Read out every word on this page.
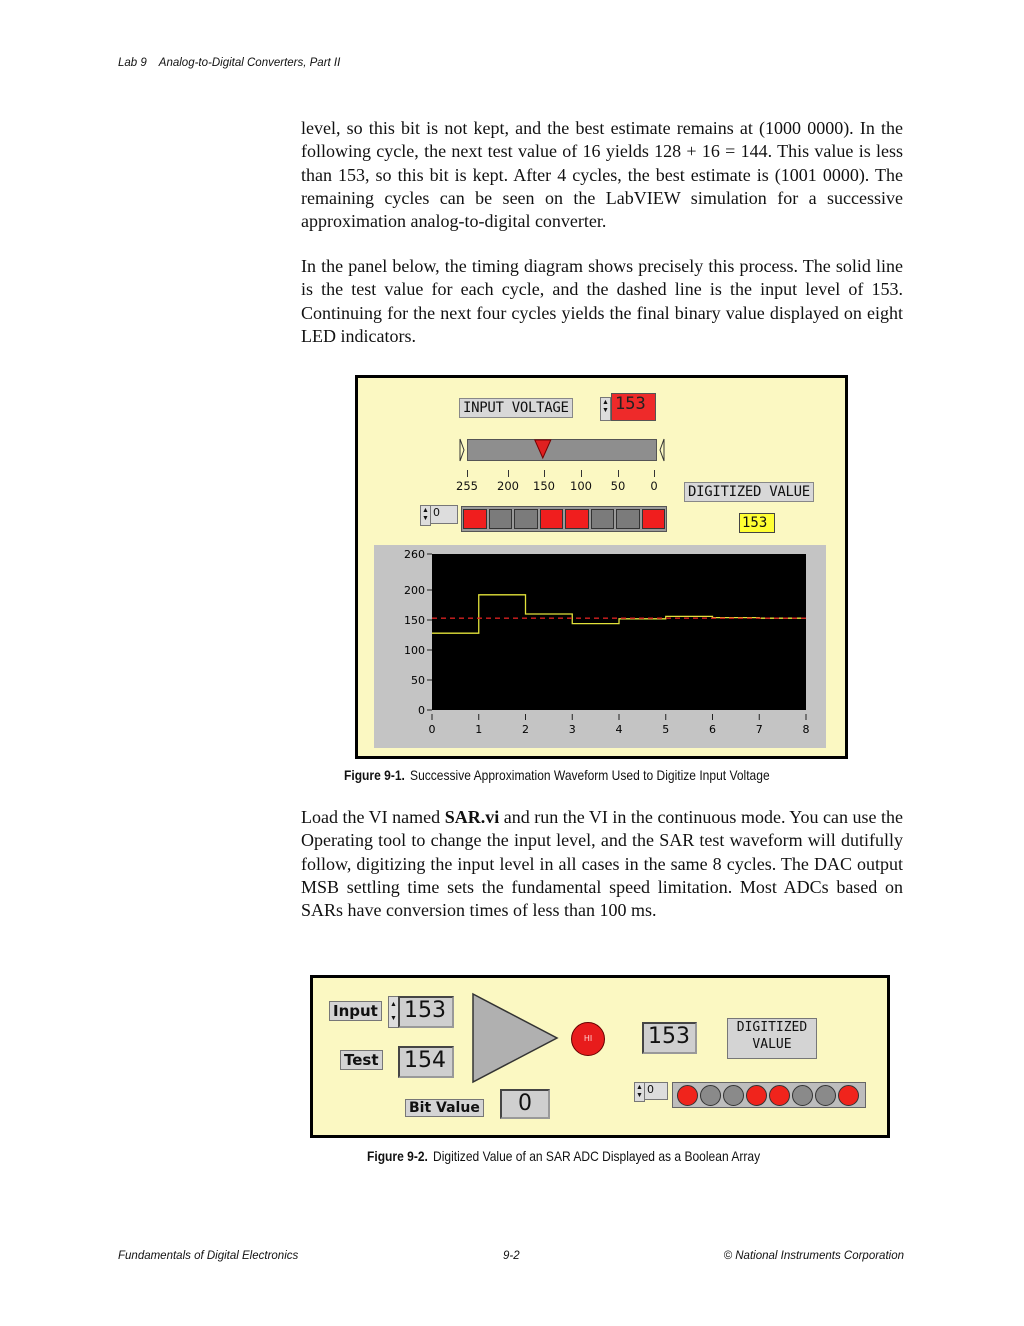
Lab 9 Analog-to-Digital Converters, Part II

level, so this bit is not kept, and the best estimate remains at (1000 0000). In the following cycle, the next test value of 16 yields 128 + 16 = 144. This value is less than 153, so this bit is kept. After 4 cycles, the best estimate is (1001 0000). The remaining cycles can be seen on the LabVIEW simulation for a successive approximation analog-to-digital converter.

In the panel below, the timing diagram shows precisely this process. The solid line is the test value for each cycle, and the dashed line is the input level of 153. Continuing for the next four cycles yields the final binary value displayed on eight LED indicators.

INPUT VOLTAGE	▲
▼ 153
255 200 150 100 50 0
▲
▼ 0
DIGITIZED VALUE
153
0
50
100
150
200
260
0	1	2	3	4	5	6	7	8
Figure 9-1. Successive Approximation Waveform Used to Digitize Input Voltage

Load the VI named SAR.vi and run the VI in the continuous mode. You can use the Operating tool to change the input level, and the SAR test waveform will dutifully follow, digitizing the input level in all cases in the same 8 cycles. The DAC output MSB settling time sets the fundamental speed limitation. Most ADCs based on SARs have conversion times of less than 100 ms.

Input	▲
▼ 153
Test 154
Bit Value	0
HI	153	DIGITIZED
VALUE
▲
▼ 0
Figure 9-2. Digitized Value of an SAR ADC Displayed as a Boolean Array
Fundamentals of Digital Electronics	9-2	© National Instruments Corporation
